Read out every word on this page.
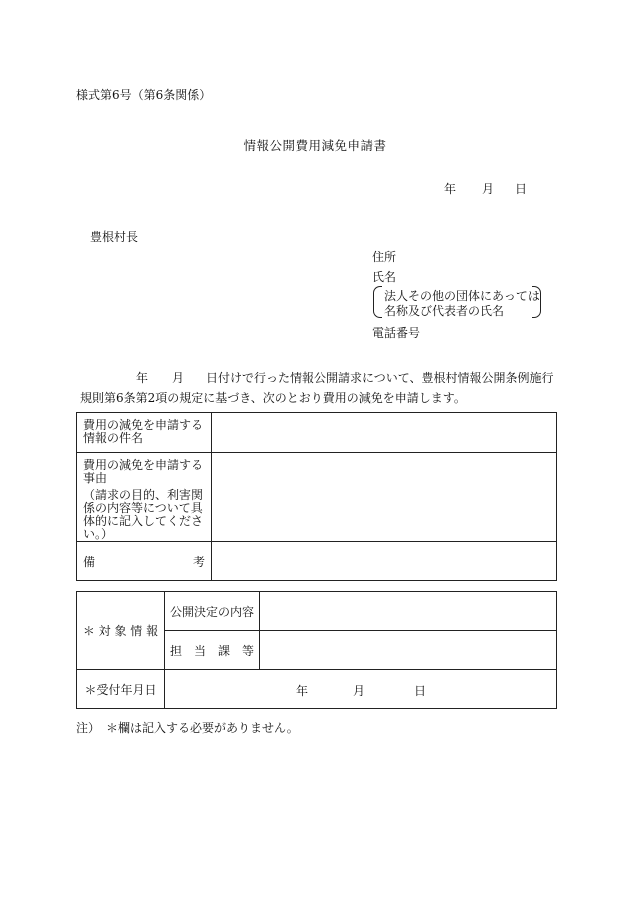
様式第6号（第6条関係）
情報公開費用減免申請書
年 月 日
豊根村長
住所
氏名
法人その他の団体にあっては
名称及び代表者の氏名
電話番号
年 月 日付けで行った情報公開請求について、豊根村情報公開条例施行
規則第6条第2項の規定に基づき、次のとおり費用の減免を申請します。
費用の減免を申請する情報の件名	

費用の減免を申請する事由
（請求の目的、利害関係の内容等について具体的に記入してください。）	

備 考	

＊ 対 象 情 報	公開決定の内容	
	担　当　課　等	
＊受付年月日	年 月 日	
注）　＊欄は記入する必要がありません。
